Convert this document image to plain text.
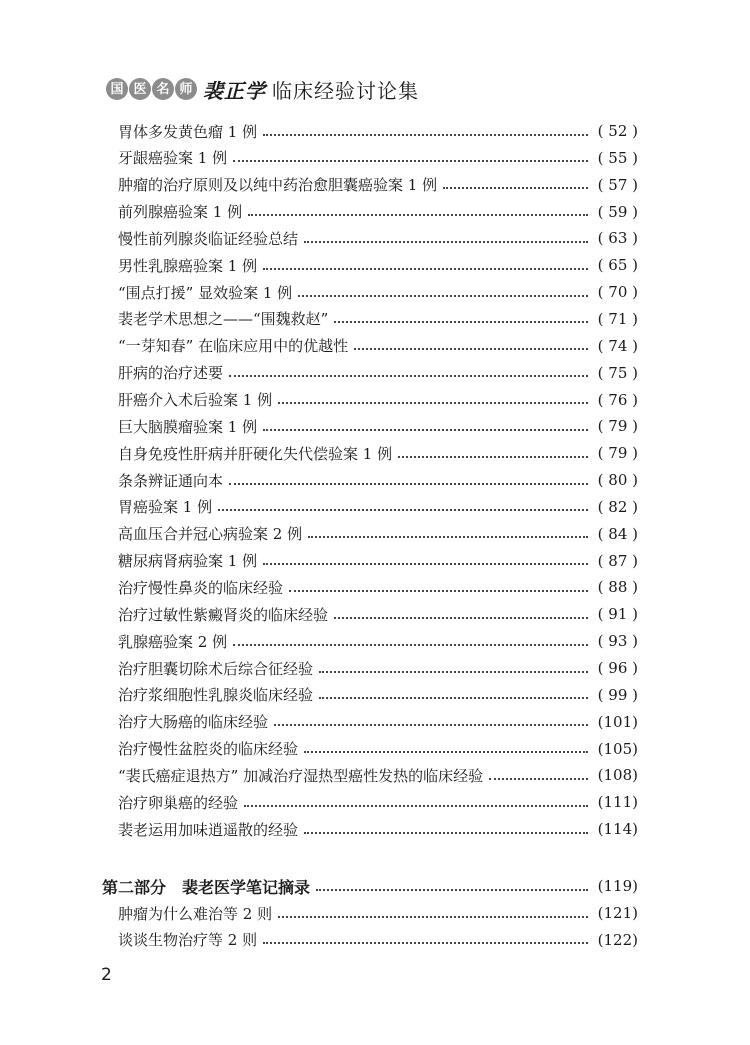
国 医 名 师 裴正学 临床经验讨论集
胃体多发黄色瘤 1 例	( 52 )
牙龈癌验案 1 例	( 55 )
肿瘤的治疗原则及以纯中药治愈胆囊癌验案 1 例	( 57 )
前列腺癌验案 1 例	( 59 )
慢性前列腺炎临证经验总结	( 63 )
男性乳腺癌验案 1 例	( 65 )
“围点打援” 显效验案 1 例	( 70 )
裴老学术思想之——“围魏救赵”	( 71 )
“一芽知春” 在临床应用中的优越性	( 74 )
肝病的治疗述要	( 75 )
肝癌介入术后验案 1 例	( 76 )
巨大脑膜瘤验案 1 例	( 79 )
自身免疫性肝病并肝硬化失代偿验案 1 例	( 79 )
条条辨证通向本	( 80 )
胃癌验案 1 例	( 82 )
高血压合并冠心病验案 2 例	( 84 )
糖尿病肾病验案 1 例	( 87 )
治疗慢性鼻炎的临床经验	( 88 )
治疗过敏性紫癜肾炎的临床经验	( 91 )
乳腺癌验案 2 例	( 93 )
治疗胆囊切除术后综合征经验	( 96 )
治疗浆细胞性乳腺炎临床经验	( 99 )
治疗大肠癌的临床经验	(101)
治疗慢性盆腔炎的临床经验	(105)
“裴氏癌症退热方” 加减治疗湿热型癌性发热的临床经验	(108)
治疗卵巢癌的经验	(111)
裴老运用加味逍遥散的经验	(114)
第二部分　裴老医学笔记摘录	(119)
肿瘤为什么难治等 2 则	(121)
谈谈生物治疗等 2 则	(122)
2
